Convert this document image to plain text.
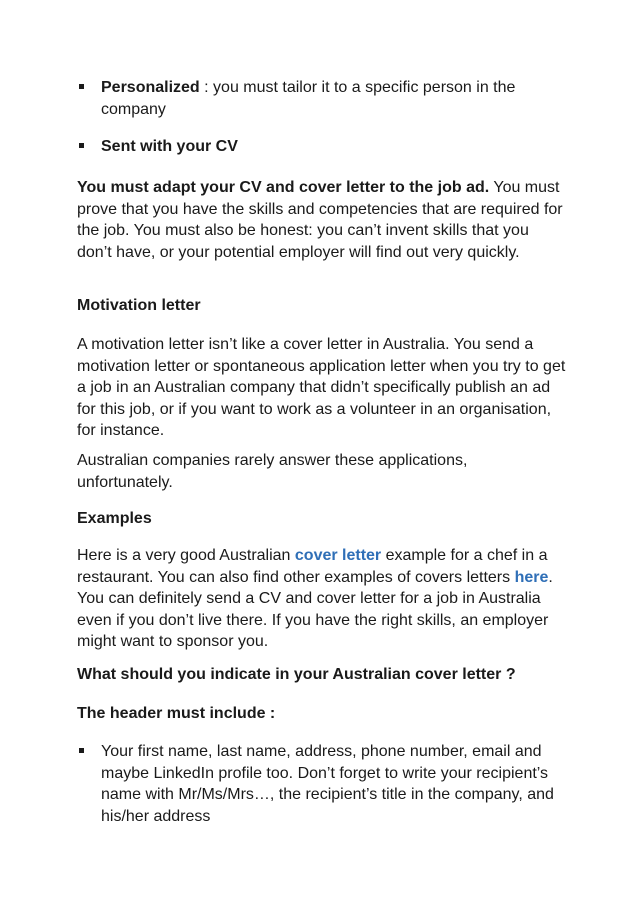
Personalized : you must tailor it to a specific person in the company
Sent with your CV

You must adapt your CV and cover letter to the job ad. You must prove that you have the skills and competencies that are required for the job. You must also be honest: you can’t invent skills that you don’t have, or your potential employer will find out very quickly.

Motivation letter

A motivation letter isn’t like a cover letter in Australia. You send a motivation letter or spontaneous application letter when you try to get a job in an Australian company that didn’t specifically publish an ad for this job, or if you want to work as a volunteer in an organisation, for instance.

Australian companies rarely answer these applications, unfortunately.

Examples

Here is a very good Australian cover letter example for a chef in a restaurant. You can also find other examples of covers letters here. You can definitely send a CV and cover letter for a job in Australia even if you don’t live there. If you have the right skills, an employer might want to sponsor you.

What should you indicate in your Australian cover letter ?

The header must include :

Your first name, last name, address, phone number, email and maybe LinkedIn profile too. Don’t forget to write your recipient’s name with Mr/Ms/Mrs…, the recipient’s title in the company, and his/her address
